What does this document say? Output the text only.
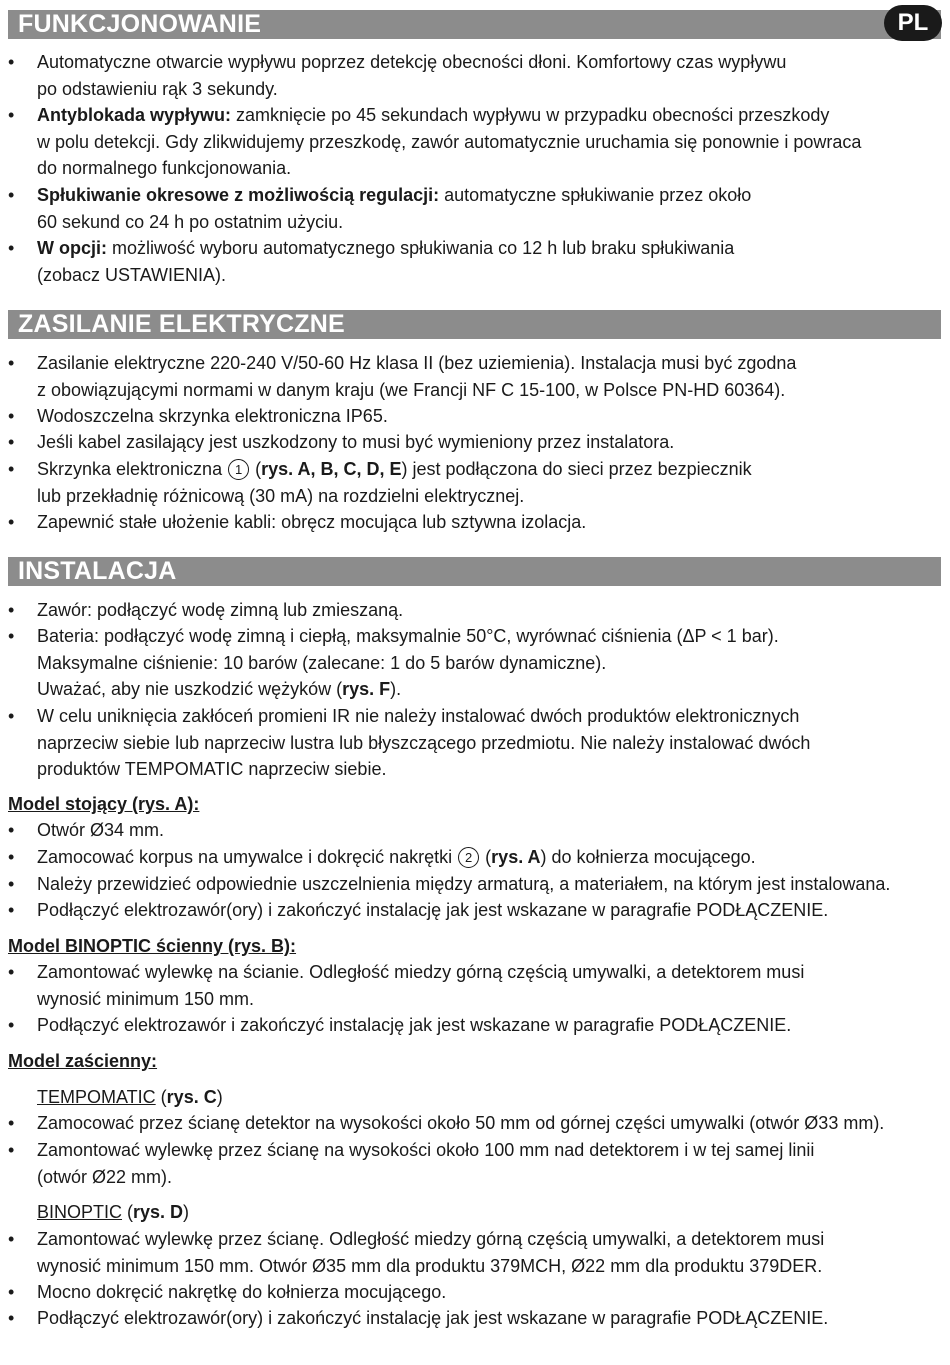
FUNKCJONOWANIE	PL
•	Automatyczne otwarcie wypływu poprzez detekcję obecności dłoni. Komfortowy czas wypływu
po odstawieniu rąk 3 sekundy.
•	Antyblokada wypływu: zamknięcie po 45 sekundach wypływu w przypadku obecności przeszkody
w polu detekcji. Gdy zlikwidujemy przeszkodę, zawór automatycznie uruchamia się ponownie i powraca
do normalnego funkcjonowania.
•	Spłukiwanie okresowe z możliwością regulacji: automatyczne spłukiwanie przez około
60 sekund co 24 h po ostatnim użyciu.
•	W opcji: możliwość wyboru automatycznego spłukiwania co 12 h lub braku spłukiwania
(zobacz USTAWIENIA).
ZASILANIE ELEKTRYCZNE
•	Zasilanie elektryczne 220-240 V/50-60 Hz klasa II (bez uziemienia). Instalacja musi być zgodna
z obowiązującymi normami w danym kraju (we Francji NF C 15-100, w Polsce PN-HD 60364).
•	Wodoszczelna skrzynka elektroniczna IP65.
•	Jeśli kabel zasilający jest uszkodzony to musi być wymieniony przez instalatora.
•	Skrzynka elektroniczna 1 (rys. A, B, C, D, E) jest podłączona do sieci przez bezpiecznik
lub przekładnię różnicową (30 mA) na rozdzielni elektrycznej.
•	Zapewnić stałe ułożenie kabli: obręcz mocująca lub sztywna izolacja.
INSTALACJA
•	Zawór: podłączyć wodę zimną lub zmieszaną.
•	Bateria: podłączyć wodę zimną i ciepłą, maksymalnie 50°C, wyrównać ciśnienia (ΔP < 1 bar).
Maksymalne ciśnienie: 10 barów (zalecane: 1 do 5 barów dynamiczne).
Uważać, aby nie uszkodzić wężyków (rys. F).
•	W celu uniknięcia zakłóceń promieni IR nie należy instalować dwóch produktów elektronicznych
naprzeciw siebie lub naprzeciw lustra lub błyszczącego przedmiotu. Nie należy instalować dwóch
produktów TEMPOMATIC naprzeciw siebie.
Model stojący (rys. A):
•	Otwór Ø34 mm.
•	Zamocować korpus na umywalce i dokręcić nakrętki 2 (rys. A) do kołnierza mocującego.
•	Należy przewidzieć odpowiednie uszczelnienia między armaturą, a materiałem, na którym jest instalowana.
•	Podłączyć elektrozawór(ory) i zakończyć instalację jak jest wskazane w paragrafie PODŁĄCZENIE.
Model BINOPTIC ścienny (rys. B):
•	Zamontować wylewkę na ścianie. Odległość miedzy górną częścią umywalki, a detektorem musi
wynosić minimum 150 mm.
•	Podłączyć elektrozawór i zakończyć instalację jak jest wskazane w paragrafie PODŁĄCZENIE.
Model zaścienny:
TEMPOMATIC (rys. C)
•	Zamocować przez ścianę detektor na wysokości około 50 mm od górnej części umywalki (otwór Ø33 mm).
•	Zamontować wylewkę przez ścianę na wysokości około 100 mm nad detektorem i w tej samej linii
(otwór Ø22 mm).
BINOPTIC (rys. D)
•	Zamontować wylewkę przez ścianę. Odległość miedzy górną częścią umywalki, a detektorem musi
wynosić minimum 150 mm. Otwór Ø35 mm dla produktu 379MCH, Ø22 mm dla produktu 379DER.
•	Mocno dokręcić nakrętkę do kołnierza mocującego.
•	Podłączyć elektrozawór(ory) i zakończyć instalację jak jest wskazane w paragrafie PODŁĄCZENIE.
